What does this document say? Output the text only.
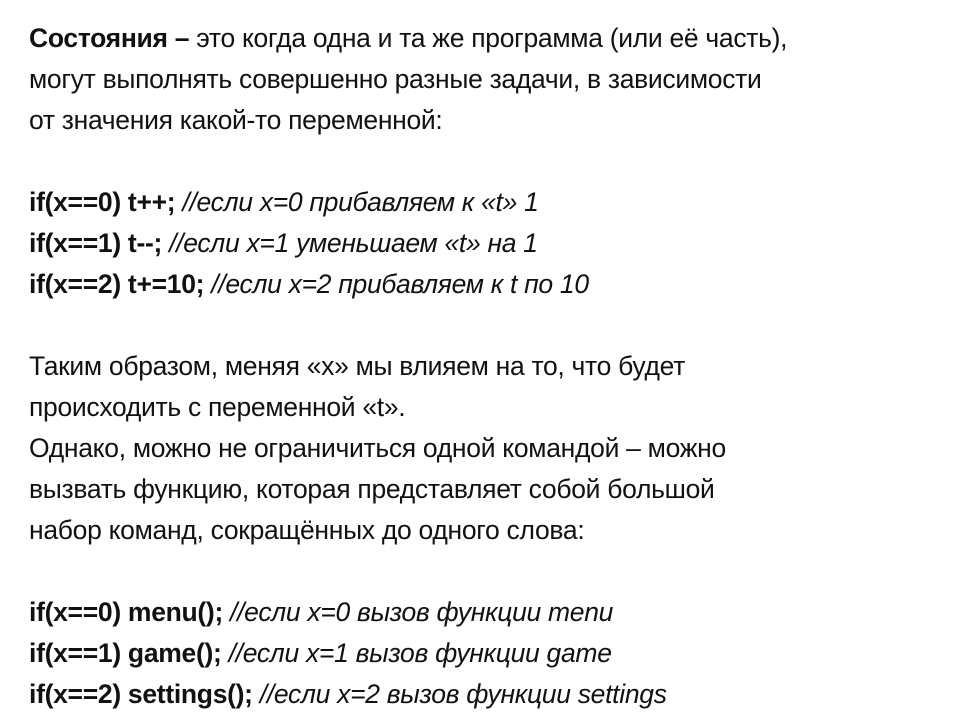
Состояния – это когда одна и та же программа (или её часть),
могут выполнять совершенно разные задачи, в зависимости
от значения какой-то переменной:
if(x==0) t++; //если x=0 прибавляем к «t» 1
if(x==1) t--; //если x=1 уменьшаем «t» на 1
if(x==2) t+=10; //если x=2 прибавляем к t по 10
Таким образом, меняя «x» мы влияем на то, что будет
происходить с переменной «t».
Однако, можно не ограничиться одной командой – можно
вызвать функцию, которая представляет собой большой
набор команд, сокращённых до одного слова:
if(x==0) menu(); //если x=0 вызов функции menu
if(x==1) game(); //если x=1 вызов функции game
if(x==2) settings(); //если x=2 вызов функции settings
